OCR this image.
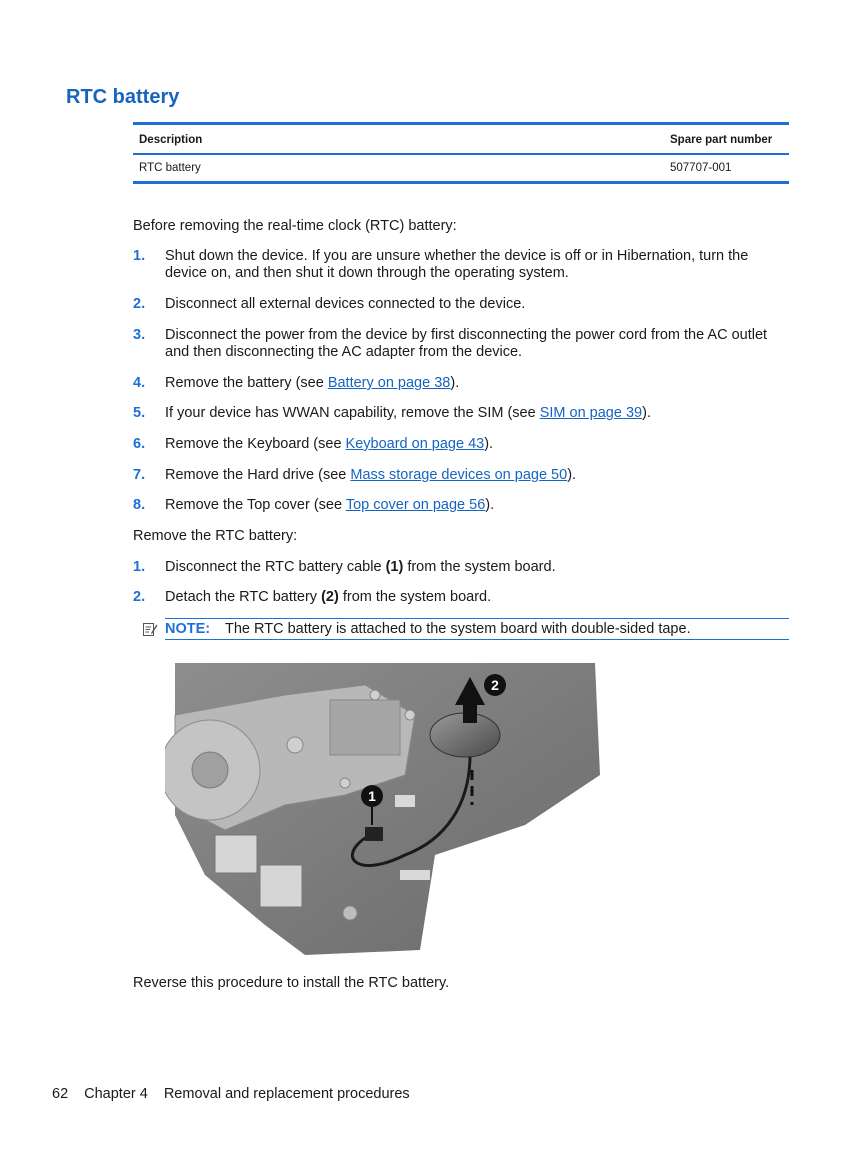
RTC battery
Description	Spare part number
RTC battery	507707-001

Before removing the real-time clock (RTC) battery:

1. Shut down the device. If you are unsure whether the device is off or in Hibernation, turn the device on, and then shut it down through the operating system.
2. Disconnect all external devices connected to the device.
3. Disconnect the power from the device by first disconnecting the power cord from the AC outlet and then disconnecting the AC adapter from the device.
4. Remove the battery (see Battery on page 38).
5. If your device has WWAN capability, remove the SIM (see SIM on page 39).
6. Remove the Keyboard (see Keyboard on page 43).
7. Remove the Hard drive (see Mass storage devices on page 50).
8. Remove the Top cover (see Top cover on page 56).

Remove the RTC battery:

1. Disconnect the RTC battery cable (1) from the system board.
2. Detach the RTC battery (2) from the system board.
NOTE: The RTC battery is attached to the system board with double-sided tape.
1
2

Reverse this procedure to install the RTC battery.

62 Chapter 4 Removal and replacement procedures
